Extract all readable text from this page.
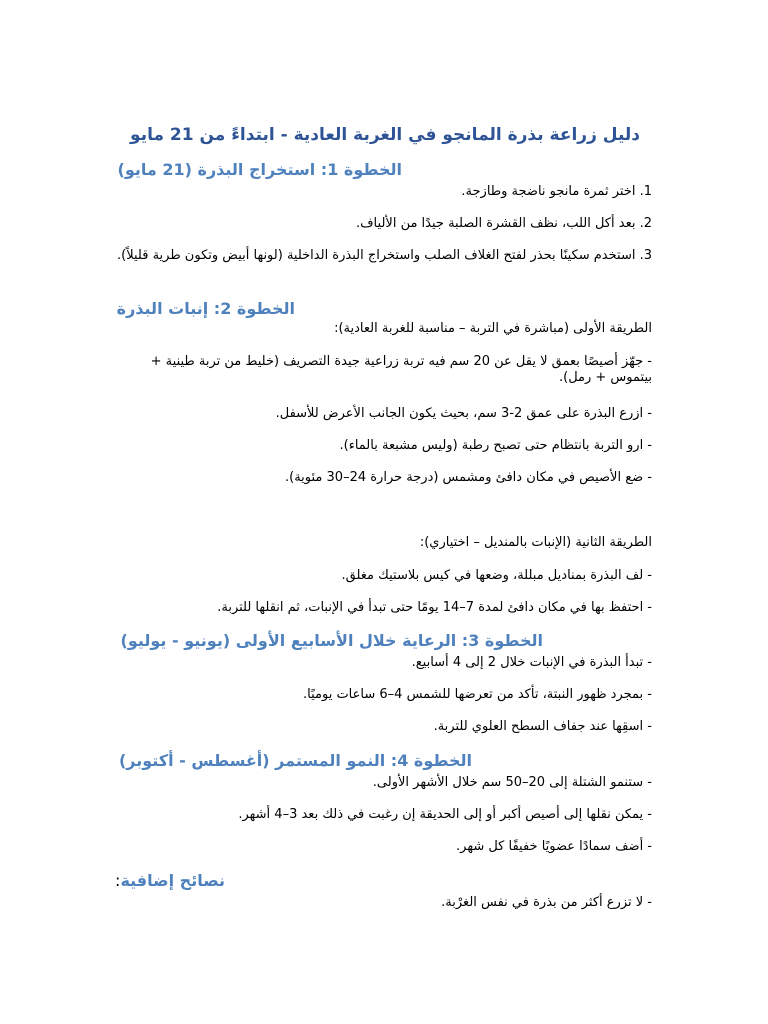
دليل زراعة بذرة المانجو في الغربة العادية - ابتداءً من 21 مايو
الخطوة 1: استخراج البذرة (21 مايو)
1. اختر ثمرة مانجو ناضجة وطازجة.
2. بعد أكل اللب، نظف القشرة الصلبة جيدًا من الألياف.
3. استخدم سكينًا بحذر لفتح الغلاف الصلب واستخراج البذرة الداخلية (لونها أبيض وتكون طرية قليلاً).
الخطوة 2: إنبات البذرة
الطريقة الأولى (مباشرة في التربة – مناسبة للغربة العادية):
- جهّز أصيصًا بعمق لا يقل عن 20 سم فيه تربة زراعية جيدة التصريف (خليط من تربة طينية + بيتموس + رمل).
- ازرع البذرة على عمق 2-3 سم، بحيث يكون الجانب الأعرض للأسفل.
- ارو التربة بانتظام حتى تصبح رطبة (وليس مشبعة بالماء).
- ضع الأصيص في مكان دافئ ومشمس (درجة حرارة 24–30 مئوية).
الطريقة الثانية (الإنبات بالمنديل – اختياري):
- لف البذرة بمناديل مبللة، وضعها في كيس بلاستيك مغلق.
- احتفظ بها في مكان دافئ لمدة 7–14 يومًا حتى تبدأ في الإنبات، ثم انقلها للتربة.
الخطوة 3: الرعاية خلال الأسابيع الأولى (يونيو - يوليو)
- تبدأ البذرة في الإنبات خلال 2 إلى 4 أسابيع.
- بمجرد ظهور النبتة، تأكد من تعرضها للشمس 4–6 ساعات يوميًا.
- اسقِها عند جفاف السطح العلوي للتربة.
الخطوة 4: النمو المستمر (أغسطس - أكتوبر)
- ستنمو الشتلة إلى 20–50 سم خلال الأشهر الأولى.
- يمكن نقلها إلى أصيص أكبر أو إلى الحديقة إن رغبت في ذلك بعد 3–4 أشهر.
- أضف سمادًا عضويًا خفيفًا كل شهر.
نصائح إضافية:
- لا تزرع أكثر من بذرة في نفس الغرْبة.
